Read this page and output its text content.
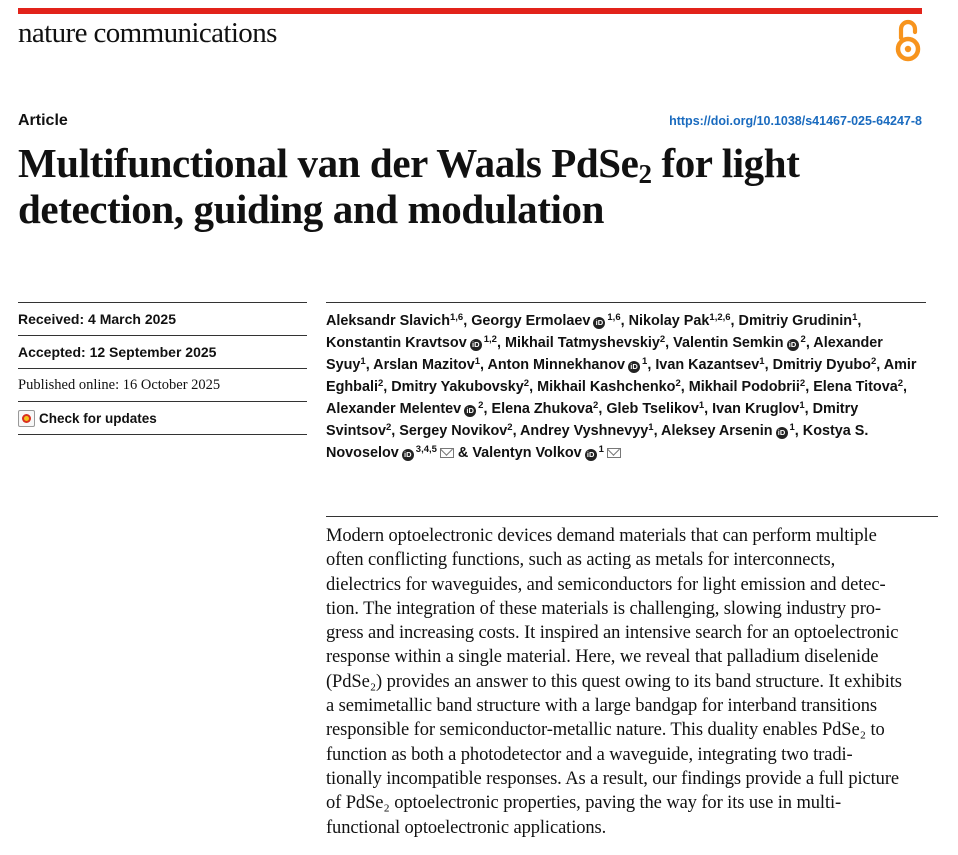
nature communications
Article	https://doi.org/10.1038/s41467-025-64247-8
Multifunctional van der Waals PdSe$_2$ for light detection, guiding and modulation
Received: 4 March 2025
Accepted: 12 September 2025
Published online: 16 October 2025
Check for updates
Aleksandr Slavich$^{1,6}$, Georgy Ermolaev iD $^{1,6}$, Nikolay Pak$^{1,2,6}$, Dmitriy Grudinin$^1$, Konstantin Kravtsov iD $^{1,2}$, Mikhail Tatmyshevskiy$^2$, Valentin Semkin iD $^2$, Alexander Syuy$^1$, Arslan Mazitov$^1$, Anton Minnekhanov iD $^1$, Ivan Kazantsev$^1$, Dmitriy Dyubo$^2$, Amir Eghbali$^2$, Dmitry Yakubovsky$^2$, Mikhail Kashchenko$^2$, Mikhail Podobrii$^2$, Elena Titova$^2$, Alexander Melentev iD $^2$, Elena Zhukova$^2$, Gleb Tselikov$^1$, Ivan Kruglov$^1$, Dmitry Svintsov$^2$, Sergey Novikov$^2$, Andrey Vyshnevyy$^1$, Aleksey Arsenin iD $^1$, Kostya S. Novoselov iD $^{3,4,5}$ & Valentyn Volkov iD $^1$
Modern optoelectronic devices demand materials that can perform multiple
often conflicting functions, such as acting as metals for interconnects,
dielectrics for waveguides, and semiconductors for light emission and detec-
tion. The integration of these materials is challenging, slowing industry pro-
gress and increasing costs. It inspired an intensive search for an optoelectronic
response within a single material. Here, we reveal that palladium diselenide
(PdSe₂) provides an answer to this quest owing to its band structure. It exhibits
a semimetallic band structure with a large bandgap for interband transitions
responsible for semiconductor-metallic nature. This duality enables PdSe₂ to
function as both a photodetector and a waveguide, integrating two tradi-
tionally incompatible responses. As a result, our findings provide a full picture
of PdSe₂ optoelectronic properties, paving the way for its use in multi-
functional optoelectronic applications.
